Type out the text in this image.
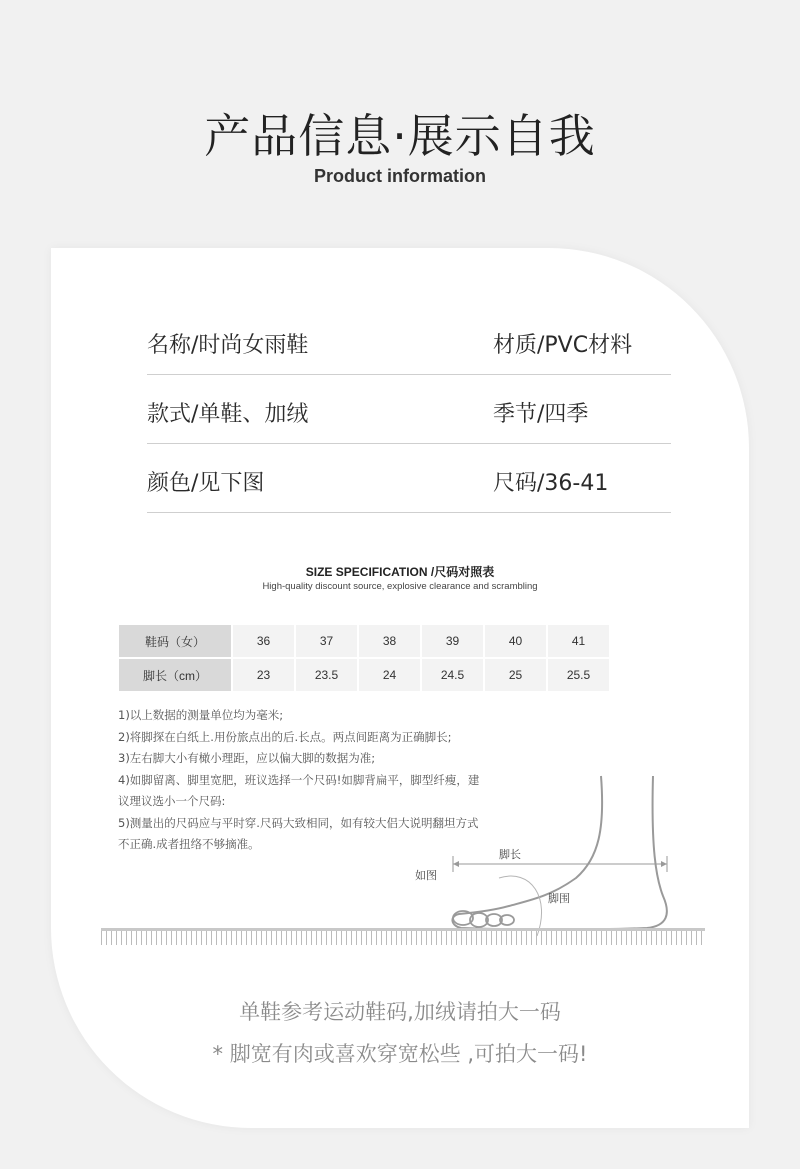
产品信息·展示自我
Product information
名称/时尚女雨鞋	材质/PVC材料
款式/单鞋、加绒	季节/四季
颜色/见下图	尺码/36-41
SIZE SPECIFICATION /尺码对照表
High-quality discount source, explosive clearance and scrambling
鞋码（女）	36	37	38	39	40	41
脚长（cm）	23	23.5	24	24.5	25	25.5
1)以上数据的测量单位均为毫米;
2)将脚探在白纸上.用份旅点出的后.长点。两点间距离为正确脚长;
3)左右脚大小有橄小理距，应以偏大脚的数据为准;
4)如脚留离、脚里宽肥，班议选择一个尺码!如脚背扁平，脚型纤瘦，建
议理议选小一个尺码:
5)测量出的尺码应与平时穿.尺码大致相同，如有较大侣大说明翻坦方式
不正确.成者扭络不够摘准。
脚长
如图
脚围
单鞋参考运动鞋码,加绒请拍大一码
* 脚宽有肉或喜欢穿宽松些 ,可拍大一码!
